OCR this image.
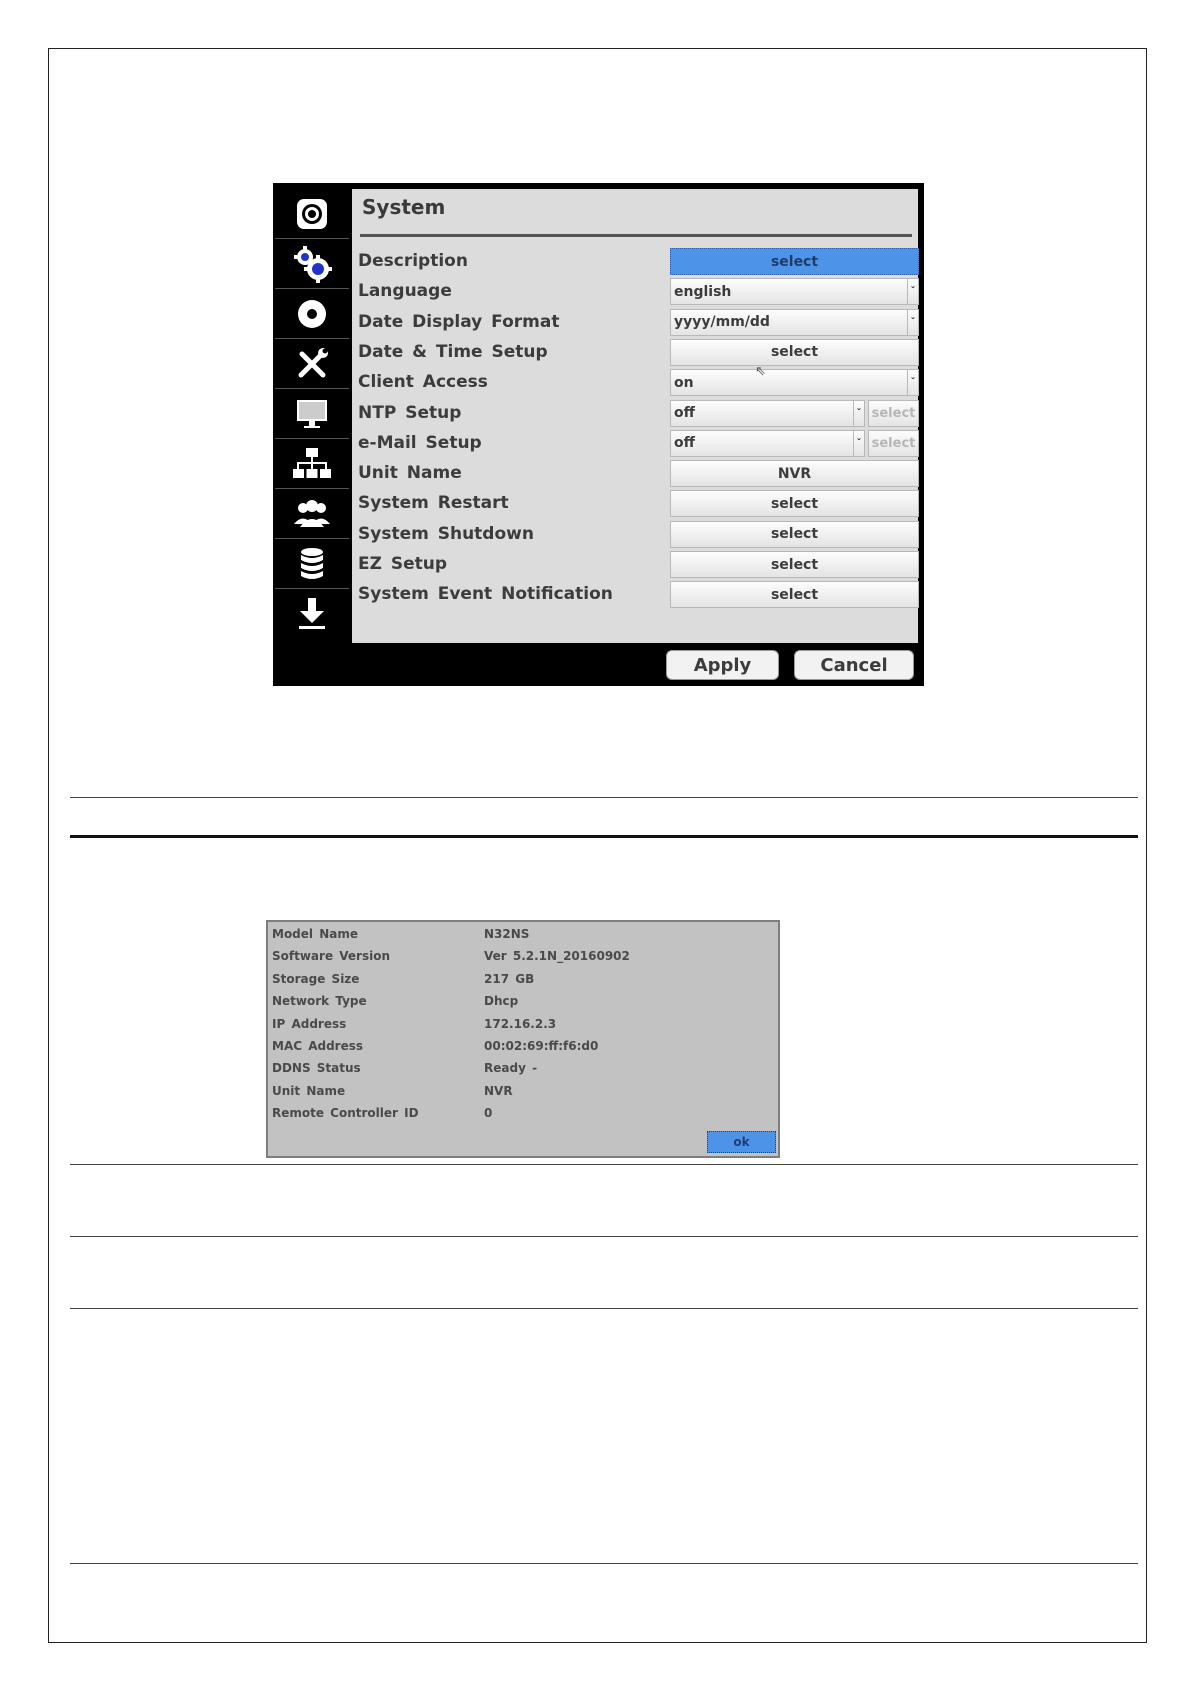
System
Description	select
Language	english	ˇ
Date Display Format	yyyy/mm/dd	ˇ
Date & Time Setup	select
Client Access	on	ˇ
NTP Setup	off	ˇ select
e-Mail Setup	off	ˇ select
Unit Name	NVR
System Restart	select
System Shutdown	select
EZ Setup	select
System Event Notification	select
⇖
Apply	Cancel
Model Name	N32NS
Software Version	Ver 5.2.1N_20160902
Storage Size	217 GB
Network Type	Dhcp
IP Address	172.16.2.3
MAC Address	00:02:69:ff:f6:d0
DDNS Status	Ready -
Unit Name	NVR
Remote Controller ID	0
ok
